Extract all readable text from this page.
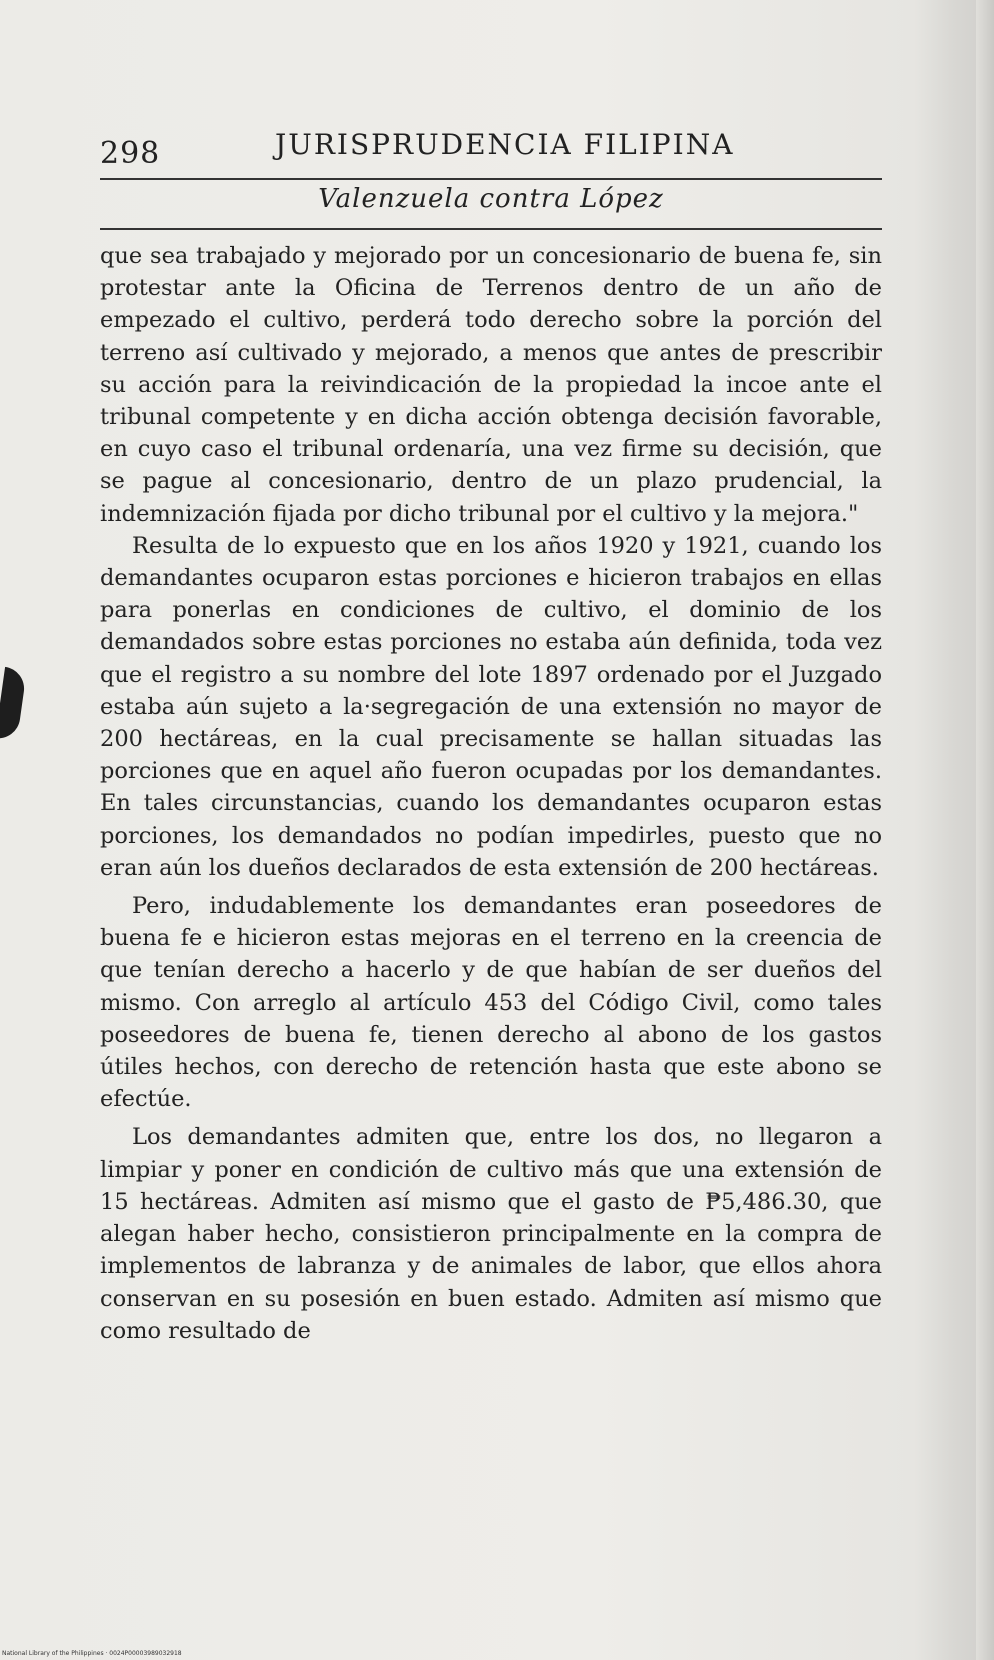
298	JURISPRUDENCIA FILIPINA
Valenzuela contra López

que sea trabajado y mejorado por un concesionario de buena fe, sin protestar ante la Oficina de Terrenos dentro de un año de empezado el cultivo, perderá todo derecho sobre la porción del terreno así cultivado y mejorado, a menos que antes de prescribir su acción para la reivindicación de la propiedad la incoe ante el tribunal competente y en dicha acción obtenga decisión favorable, en cuyo caso el tribunal ordenaría, una vez firme su decisión, que se pague al concesionario, dentro de un plazo prudencial, la indemnización fijada por dicho tribunal por el cultivo y la mejora."

Resulta de lo expuesto que en los años 1920 y 1921, cuando los demandantes ocuparon estas porciones e hicieron trabajos en ellas para ponerlas en condiciones de cultivo, el dominio de los demandados sobre estas porciones no estaba aún definida, toda vez que el registro a su nombre del lote 1897 ordenado por el Juzgado estaba aún sujeto a la·segregación de una extensión no mayor de 200 hectáreas, en la cual precisamente se hallan situadas las porciones que en aquel año fueron ocupadas por los demandantes. En tales circunstancias, cuando los demandantes ocuparon estas porciones, los demandados no podían impedirles, puesto que no eran aún los dueños declarados de esta extensión de 200 hectáreas.

Pero, indudablemente los demandantes eran poseedores de buena fe e hicieron estas mejoras en el terreno en la creencia de que tenían derecho a hacerlo y de que habían de ser dueños del mismo. Con arreglo al artículo 453 del Código Civil, como tales poseedores de buena fe, tienen derecho al abono de los gastos útiles hechos, con derecho de retención hasta que este abono se efectúe.

Los demandantes admiten que, entre los dos, no llegaron a limpiar y poner en condición de cultivo más que una extensión de 15 hectáreas. Admiten así mismo que el gasto de ₱5,486.30, que alegan haber hecho, consistieron principalmente en la compra de implementos de labranza y de animales de labor, que ellos ahora conservan en su posesión en buen estado. Admiten así mismo que como resultado de

National Library of the Philippines · 0024P00003989032918
